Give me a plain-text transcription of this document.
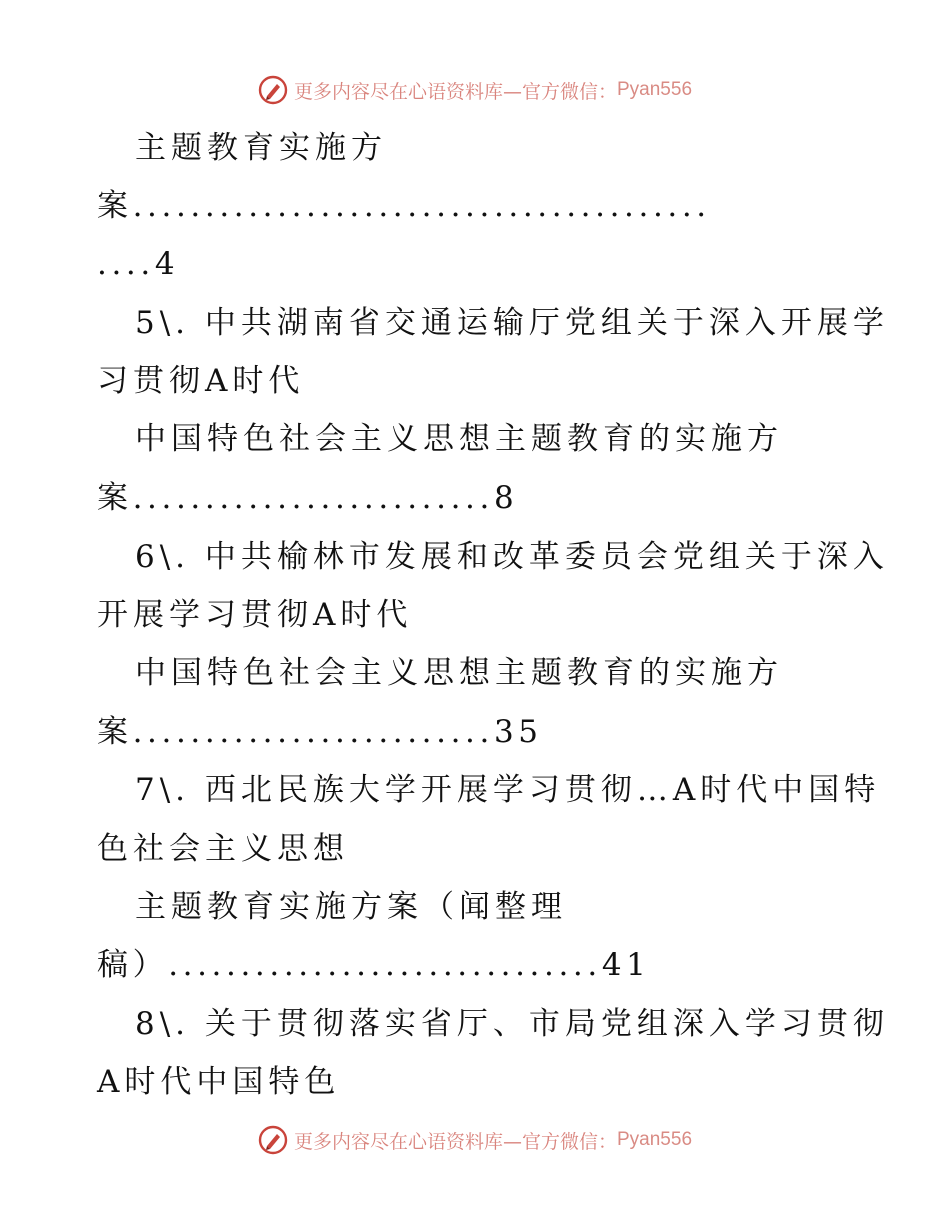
更多内容尽在心语资料库—官方微信： Pyan556
主题教育实施方
案........................................
....4
5\. 中共湖南省交通运输厅党组关于深入开展学
习贯彻A时代
中国特色社会主义思想主题教育的实施方
案.........................8
6\. 中共榆林市发展和改革委员会党组关于深入
开展学习贯彻A时代
中国特色社会主义思想主题教育的实施方
案.........................35
7\. 西北民族大学开展学习贯彻…A时代中国特
色社会主义思想
主题教育实施方案（闻整理
稿）..............................41
8\. 关于贯彻落实省厅、市局党组深入学习贯彻
A时代中国特色
更多内容尽在心语资料库—官方微信： Pyan556
